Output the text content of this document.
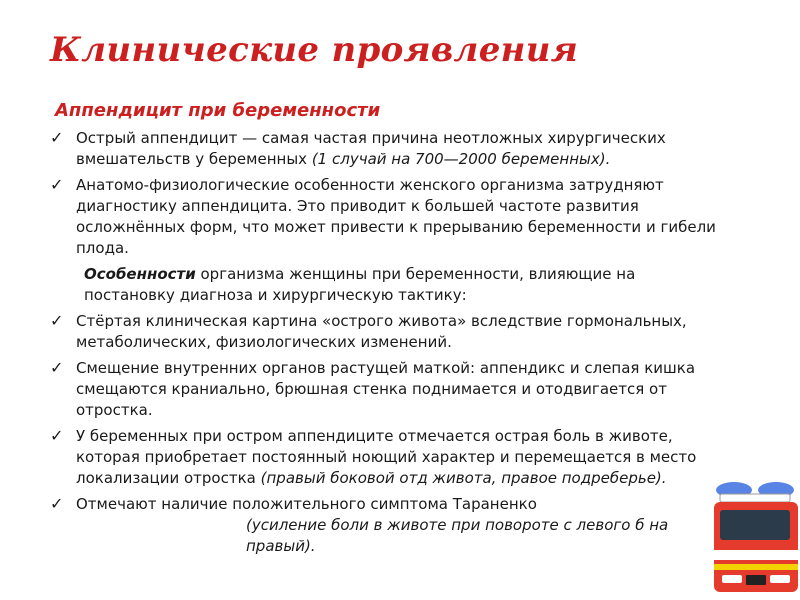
Клинические проявления
Аппендицит при беременности
✓ Острый аппендицит — самая частая причина неотложных хирургических вмешательств у беременных (1 случай на 700—2000 беременных).
✓ Анатомо-физиологические особенности женского организма затрудняют диагностику аппендицита. Это приводит к большей частоте развития осложнённых форм, что может привести к прерыванию беременности и гибели плода.
Особенности организма женщины при беременности, влияющие на постановку диагноза и хирургическую тактику:
✓ Стёртая клиническая картина «острого живота» вследствие гормональных, метаболических, физиологических изменений.
✓ Смещение внутренних органов растущей маткой: аппендикс и слепая кишка смещаются краниально, брюшная стенка поднимается и отодвигается от отростка.
✓ У беременных при остром аппендиците отмечается острая боль в животе, которая приобретает постоянный ноющий характер и перемещается в место локализации отростка (правый боковой отд живота, правое подреберье).
✓ Отмечают наличие положительного симптома Тараненко
(усиление боли в животе при повороте с левого б на правый).
